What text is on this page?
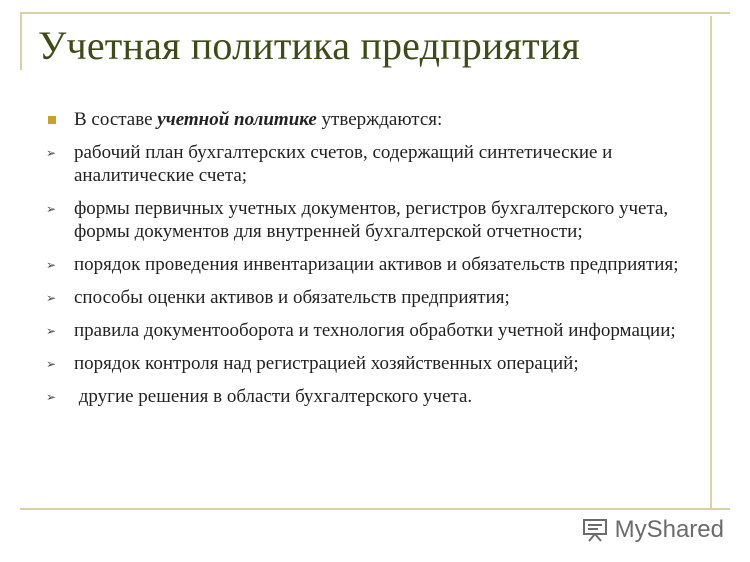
Учетная политика предприятия
В составе учетной политике утверждаются:
➢ рабочий план бухгалтерских счетов, содержащий синтетические и аналитические счета;
➢ формы первичных учетных документов, регистров бухгалтерского учета, формы документов для внутренней бухгалтерской отчетности;
➢ порядок проведения инвентаризации активов и обязательств предприятия;
➢ способы оценки активов и обязательств предприятия;
➢ правила документооборота и технология обработки учетной информации;
➢ порядок контроля над регистрацией хозяйственных операций;
➢ другие решения в области бухгалтерского учета.
MyShared
